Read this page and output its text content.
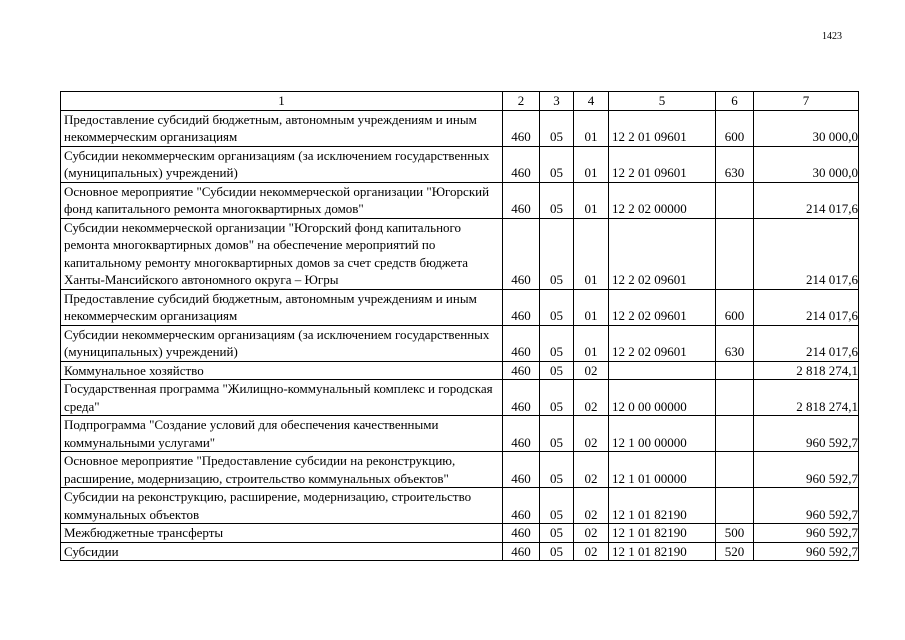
1423
1	2	3	4	5	6	7
Предоставление субсидий бюджетным, автономным учреждениям и иным некоммерческим организациям	460	05	01	12 2 01 09601	600	30 000,0
Субсидии некоммерческим организациям (за исключением государственных (муниципальных) учреждений)	460	05	01	12 2 01 09601	630	30 000,0
Основное мероприятие "Субсидии некоммерческой организации "Югорский фонд капитального ремонта многоквартирных домов"	460	05	01	12 2 02 00000		214 017,6
Субсидии некоммерческой организации "Югорский фонд капитального ремонта многоквартирных домов" на обеспечение мероприятий по капитальному ремонту многоквартирных домов за счет средств бюджета Ханты-Мансийского автономного округа – Югры	460	05	01	12 2 02 09601		214 017,6
Предоставление субсидий бюджетным, автономным учреждениям и иным некоммерческим организациям	460	05	01	12 2 02 09601	600	214 017,6
Субсидии некоммерческим организациям (за исключением государственных (муниципальных) учреждений)	460	05	01	12 2 02 09601	630	214 017,6
Коммунальное хозяйство	460	05	02			2 818 274,1
Государственная программа "Жилищно-коммунальный комплекс и городская среда"	460	05	02	12 0 00 00000		2 818 274,1
Подпрограмма "Создание условий для обеспечения качественными коммунальными услугами"	460	05	02	12 1 00 00000		960 592,7
Основное мероприятие "Предоставление субсидии на реконструкцию, расширение, модернизацию, строительство коммунальных объектов"	460	05	02	12 1 01 00000		960 592,7
Субсидии на реконструкцию, расширение, модернизацию, строительство коммунальных объектов	460	05	02	12 1 01 82190		960 592,7
Межбюджетные трансферты	460	05	02	12 1 01 82190	500	960 592,7
Субсидии	460	05	02	12 1 01 82190	520	960 592,7
